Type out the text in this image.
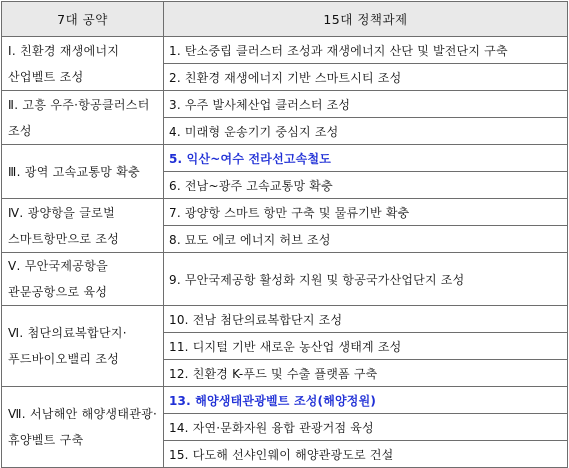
7대 공약	15대 정책과제
Ⅰ. 친환경 재생에너지 산업벨트 조성	1. 탄소중립 클러스터 조성과 재생에너지 산단 및 발전단지 구축
	2. 친환경 재생에너지 기반 스마트시티 조성
Ⅱ. 고흥 우주·항공클러스터 조성	3. 우주 발사체산업 클러스터 조성
	4. 미래형 운송기기 중심지 조성
Ⅲ. 광역 고속교통망 확충	5. 익산~여수 전라선고속철도
	6. 전남~광주 고속교통망 확충
Ⅳ. 광양항을 글로벌 스마트항만으로 조성	7. 광양항 스마트 항만 구축 및 물류기반 확충
	8. 묘도 에코 에너지 허브 조성
Ⅴ. 무안국제공항을 관문공항으로 육성	9. 무안국제공항 활성화 지원 및 항공국가산업단지 조성
Ⅵ. 첨단의료복합단지·푸드바이오밸리 조성	10. 전남 첨단의료복합단지 조성
	11. 디지털 기반 새로운 농산업 생태계 조성
	12. 친환경 K-푸드 및 수출 플랫폼 구축
Ⅶ. 서남해안 해양생태관광·휴양벨트 구축	13. 해양생태관광벨트 조성(해양정원)
	14. 자연·문화자원 융합 관광거점 육성
	15. 다도해 선샤인웨이 해양관광도로 건설
